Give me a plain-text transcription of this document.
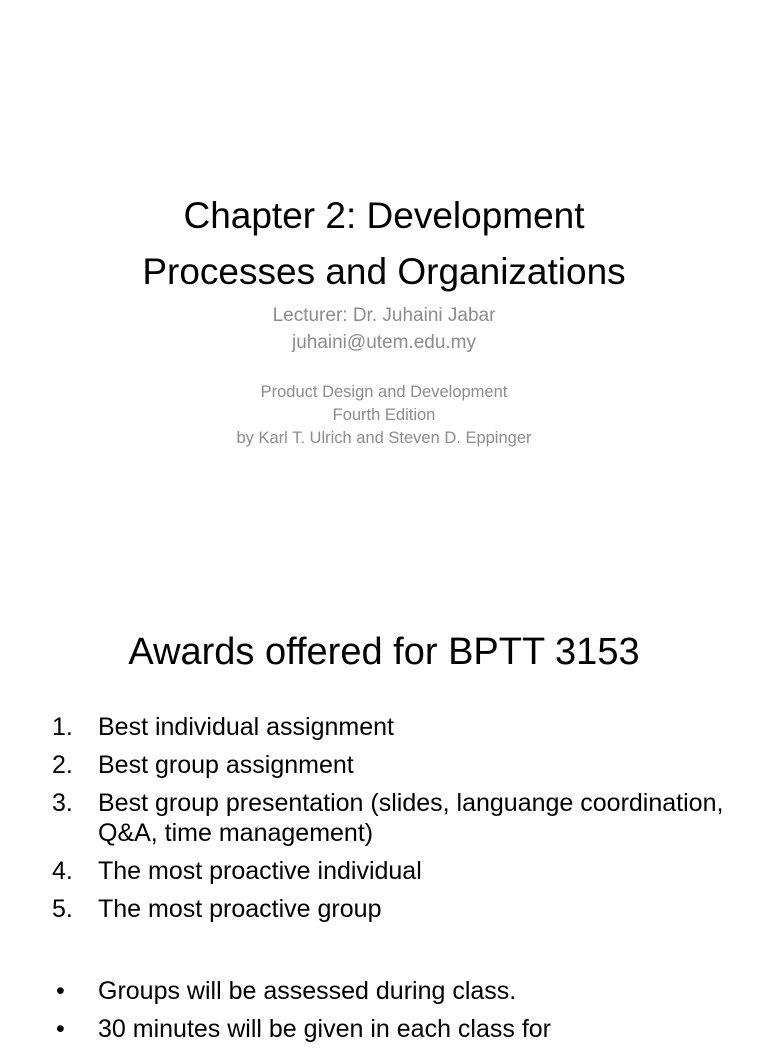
Chapter 2: Development
Processes and Organizations
Lecturer: Dr. Juhaini Jabar
juhaini@utem.edu.my
Product Design and Development
Fourth Edition
by Karl T. Ulrich and Steven D. Eppinger
Awards offered for BPTT 3153
1.	Best individual assignment
2.	Best group assignment
3.	Best group presentation (slides, languange coordination, Q&A, time management)
4.	The most proactive individual
5.	The most proactive group
•	Groups will be assessed during class.
•	30 minutes will be given in each class for
